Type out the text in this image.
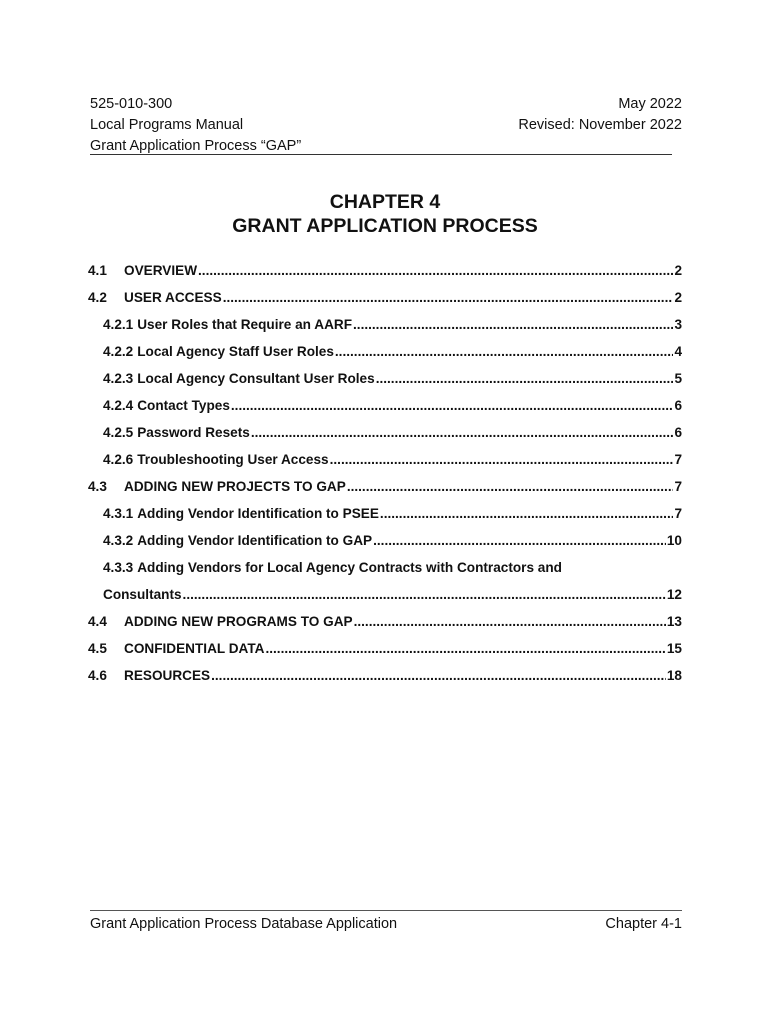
525-010-300	May 2022
Local Programs Manual	Revised: November 2022
Grant Application Process “GAP”
CHAPTER 4
GRANT APPLICATION PROCESS
4.1	OVERVIEW .....	2
4.2	USER ACCESS .....	2
4.2.1 User Roles that Require an AARF .....	3
4.2.2 Local Agency Staff User Roles .....	4
4.2.3 Local Agency Consultant User Roles .....	5
4.2.4 Contact Types .....	6
4.2.5 Password Resets .....	6
4.2.6 Troubleshooting User Access .....	7
4.3	ADDING NEW PROJECTS TO GAP .....	7
4.3.1 Adding Vendor Identification to PSEE .....	7
4.3.2 Adding Vendor Identification to GAP .....	10
4.3.3 Adding Vendors for Local Agency Contracts with Contractors and
Consultants .....	12
4.4	ADDING NEW PROGRAMS TO GAP .....	13
4.5	CONFIDENTIAL DATA .....	15
4.6	RESOURCES .....	18
Grant Application Process Database Application	Chapter 4-1
